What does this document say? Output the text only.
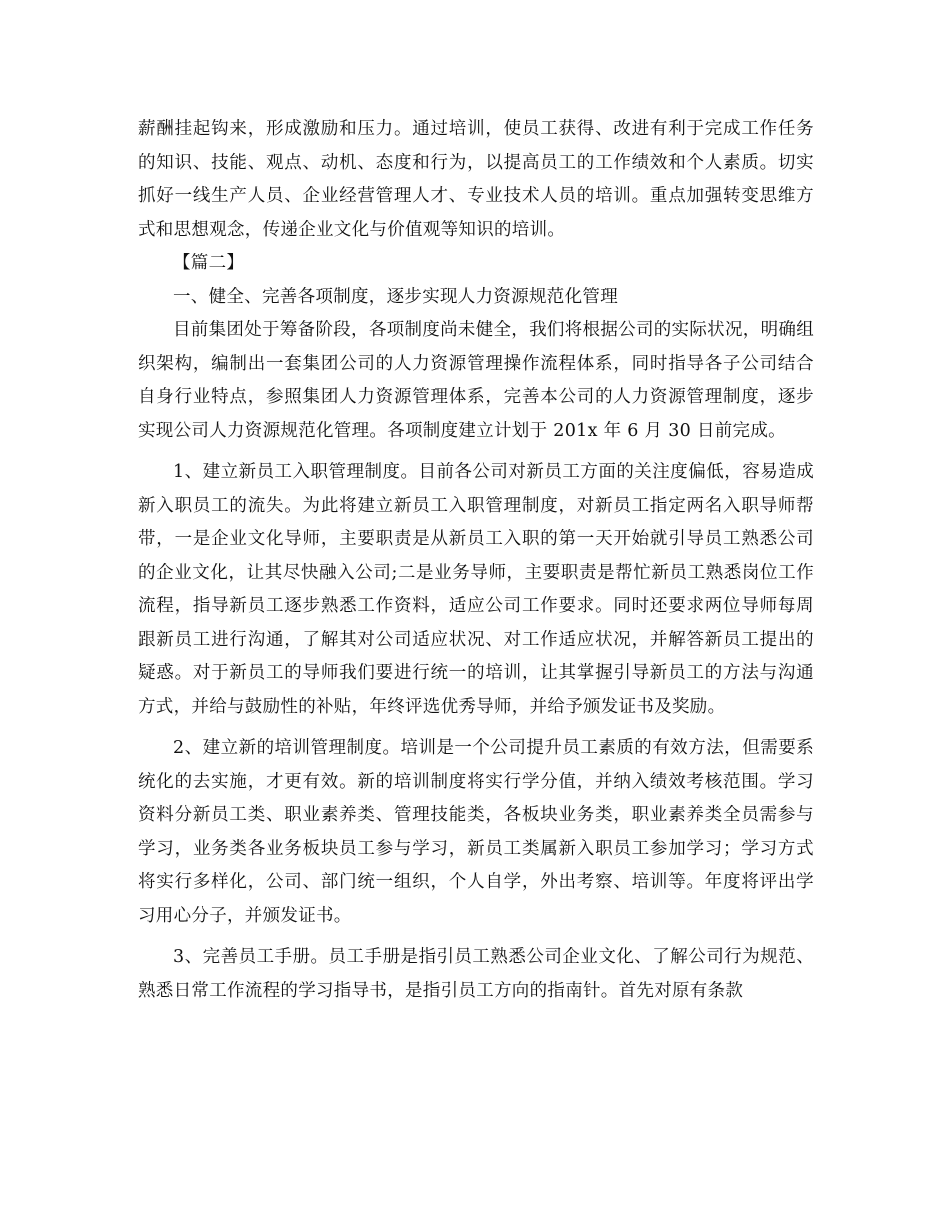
薪酬挂起钩来，形成激励和压力。通过培训，使员工获得、改进有利于完成工作任务的知识、技能、观点、动机、态度和行为，以提高员工的工作绩效和个人素质。切实抓好一线生产人员、企业经营管理人才、专业技术人员的培训。重点加强转变思维方式和思想观念，传递企业文化与价值观等知识的培训。

【篇二】

一、健全、完善各项制度，逐步实现人力资源规范化管理

目前集团处于筹备阶段，各项制度尚未健全，我们将根据公司的实际状况，明确组织架构，编制出一套集团公司的人力资源管理操作流程体系，同时指导各子公司结合自身行业特点，参照集团人力资源管理体系，完善本公司的人力资源管理制度，逐步实现公司人力资源规范化管理。各项制度建立计划于 201x 年 6 月 30 日前完成。

1、建立新员工入职管理制度。目前各公司对新员工方面的关注度偏低，容易造成新入职员工的流失。为此将建立新员工入职管理制度，对新员工指定两名入职导师帮带，一是企业文化导师，主要职责是从新员工入职的第一天开始就引导员工熟悉公司的企业文化，让其尽快融入公司;二是业务导师，主要职责是帮忙新员工熟悉岗位工作流程，指导新员工逐步熟悉工作资料，适应公司工作要求。同时还要求两位导师每周跟新员工进行沟通，了解其对公司适应状况、对工作适应状况，并解答新员工提出的疑惑。对于新员工的导师我们要进行统一的培训，让其掌握引导新员工的方法与沟通方式，并给与鼓励性的补贴，年终评选优秀导师，并给予颁发证书及奖励。

2、建立新的培训管理制度。培训是一个公司提升员工素质的有效方法，但需要系统化的去实施，才更有效。新的培训制度将实行学分值，并纳入绩效考核范围。学习资料分新员工类、职业素养类、管理技能类，各板块业务类，职业素养类全员需参与学习，业务类各业务板块员工参与学习，新员工类属新入职员工参加学习；学习方式将实行多样化，公司、部门统一组织，个人自学，外出考察、培训等。年度将评出学习用心分子，并颁发证书。

3、完善员工手册。员工手册是指引员工熟悉公司企业文化、了解公司行为规范、熟悉日常工作流程的学习指导书，是指引员工方向的指南针。首先对原有条款
